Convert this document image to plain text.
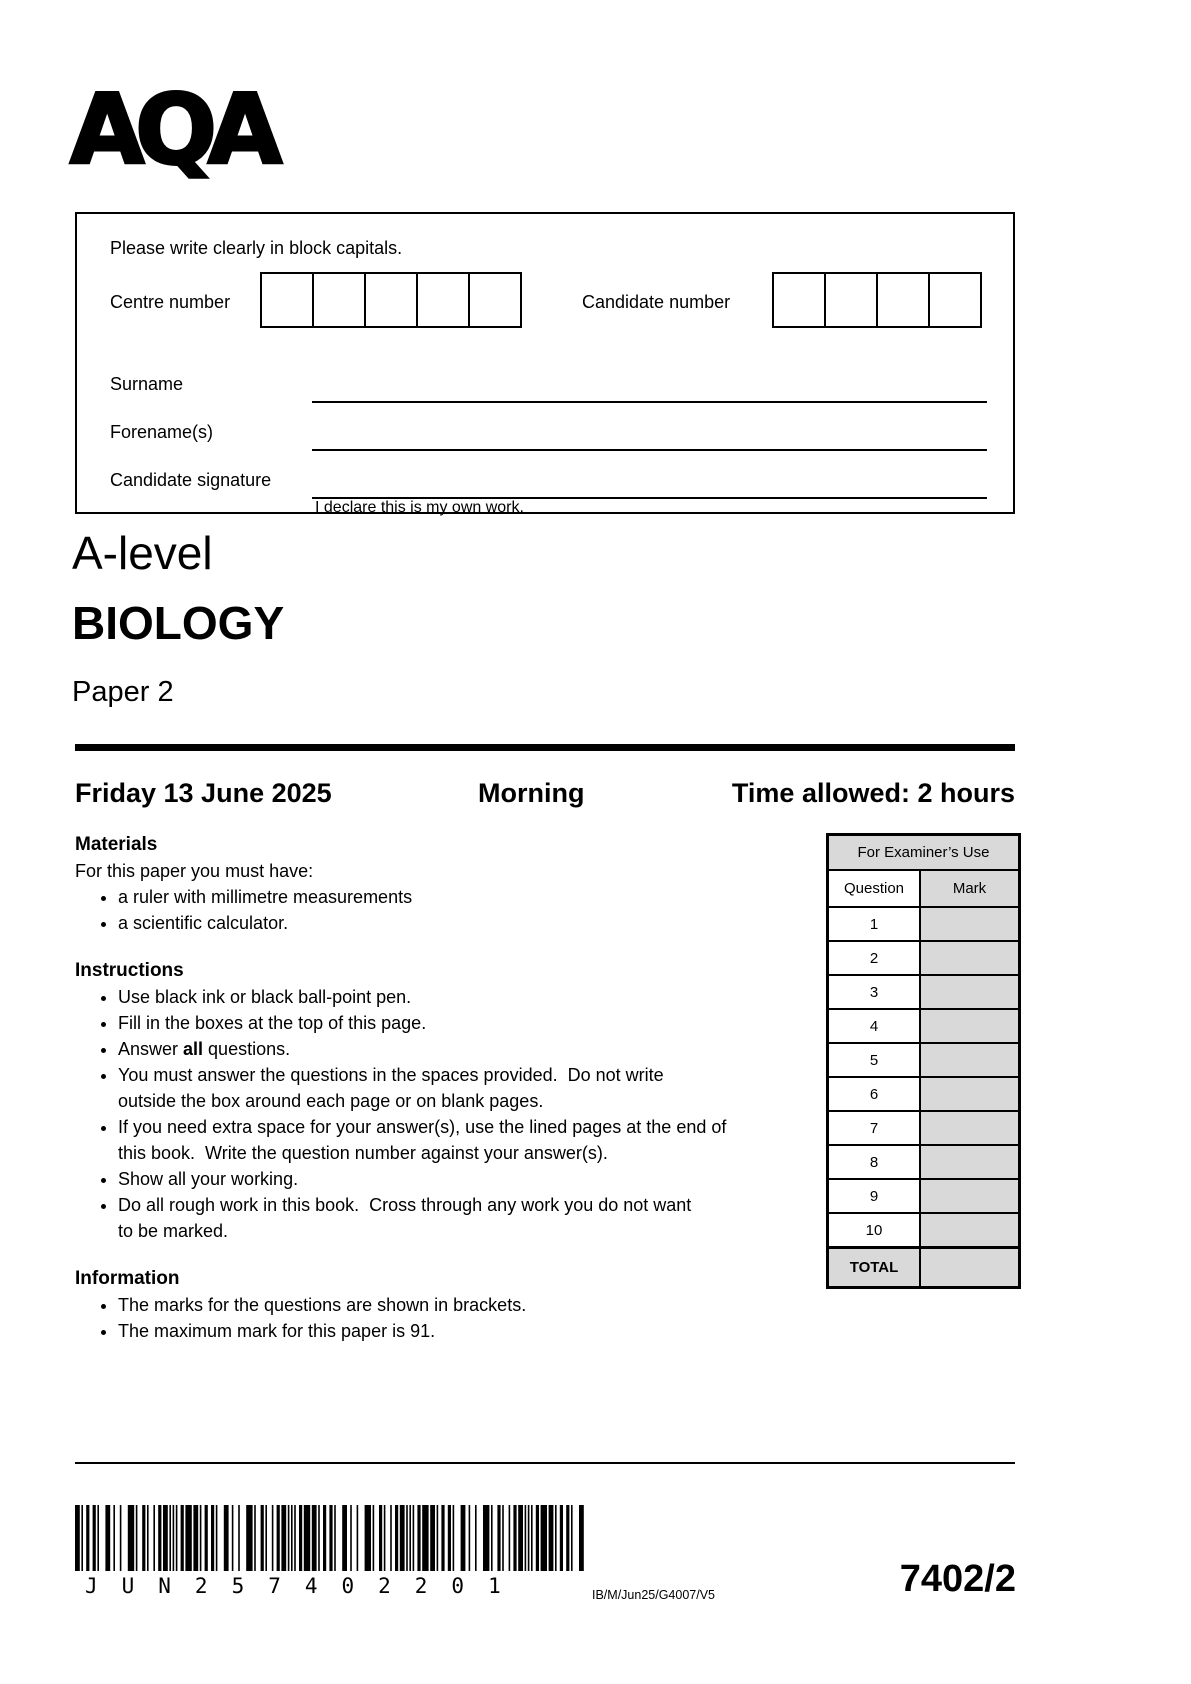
AQA
Please write clearly in block capitals.
Centre number	Candidate number
Surname
Forename(s)
Candidate signature
I declare this is my own work.
A-level
BIOLOGY
Paper 2
Friday 13 June 2025	Morning	Time allowed: 2 hours
Materials

For this paper you must have:

• a ruler with millimetre measurements
• a scientific calculator.
Instructions
• Use black ink or black ball-point pen.
• Fill in the boxes at the top of this page.
• Answer all questions.
• You must answer the questions in the spaces provided.  Do not write
outside the box around each page or on blank pages.
• If you need extra space for your answer(s), use the lined pages at the end of
this book.  Write the question number against your answer(s).
• Show all your working.
• Do all rough work in this book.  Cross through any work you do not want
to be marked.
Information
• The marks for the questions are shown in brackets.
• The maximum mark for this paper is 91.
For Examiner’s Use	
Question	Mark
1	
2	
3	
4	
5	
6	
7	
8	
9	
10	
TOTAL	
JUN257402201	IB/M/Jun25/G4007/V5	7402/2
